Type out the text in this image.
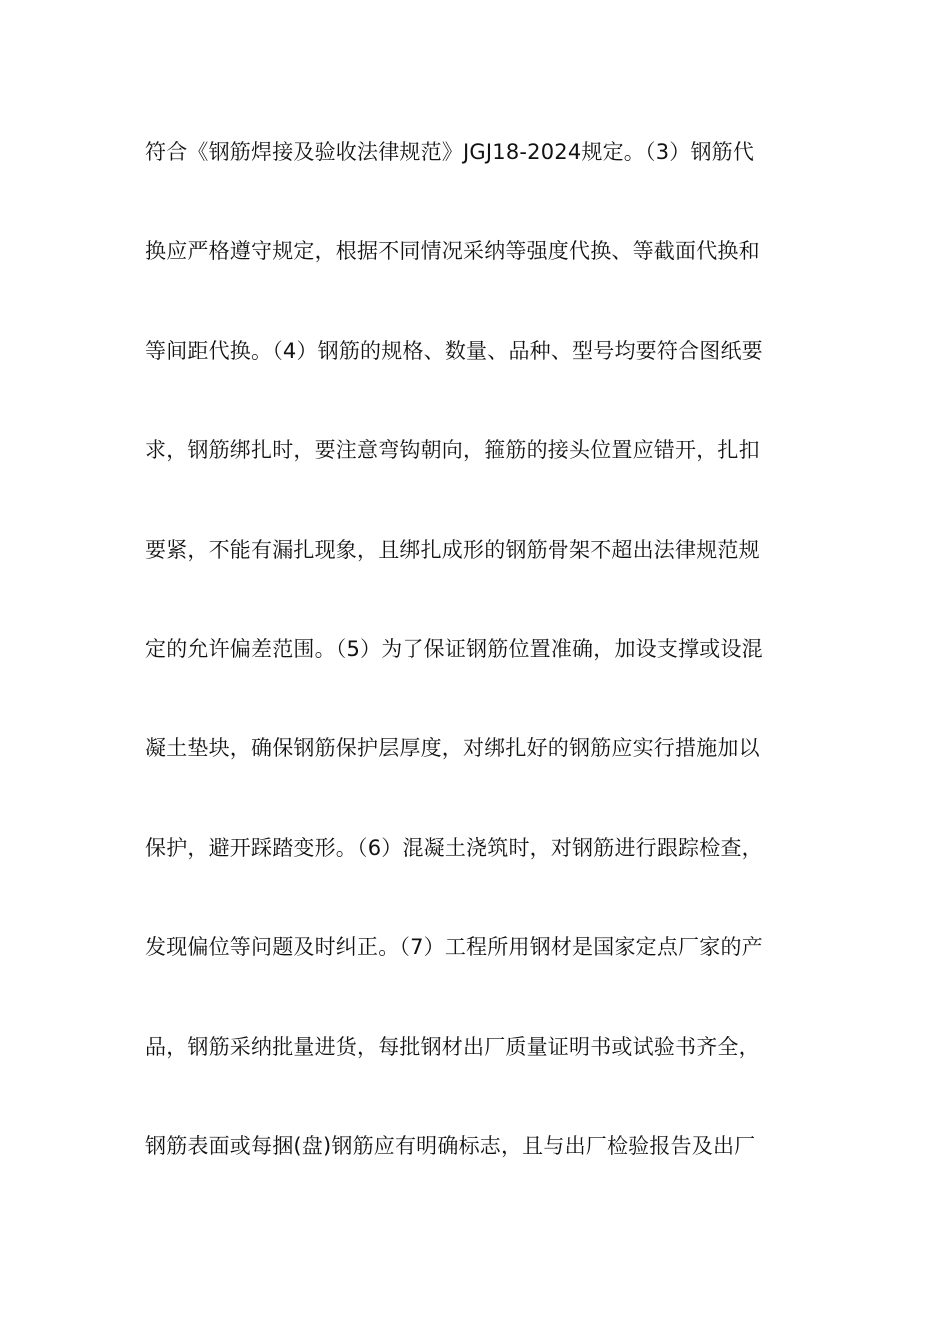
符合《钢筋焊接及验收法律规范》JGJ18-2024规定。（3）钢筋代
换应严格遵守规定，根据不同情况采纳等强度代换、等截面代换和
等间距代换。（4）钢筋的规格、数量、品种、型号均要符合图纸要
求，钢筋绑扎时，要注意弯钩朝向，箍筋的接头位置应错开，扎扣
要紧，不能有漏扎现象，且绑扎成形的钢筋骨架不超出法律规范规
定的允许偏差范围。（5）为了保证钢筋位置准确，加设支撑或设混
凝土垫块，确保钢筋保护层厚度，对绑扎好的钢筋应实行措施加以
保护，避开踩踏变形。（6）混凝土浇筑时，对钢筋进行跟踪检查，
发现偏位等问题及时纠正。（7）工程所用钢材是国家定点厂家的产
品，钢筋采纳批量进货，每批钢材出厂质量证明书或试验书齐全，
钢筋表面或每捆(盘)钢筋应有明确标志，且与出厂检验报告及出厂
